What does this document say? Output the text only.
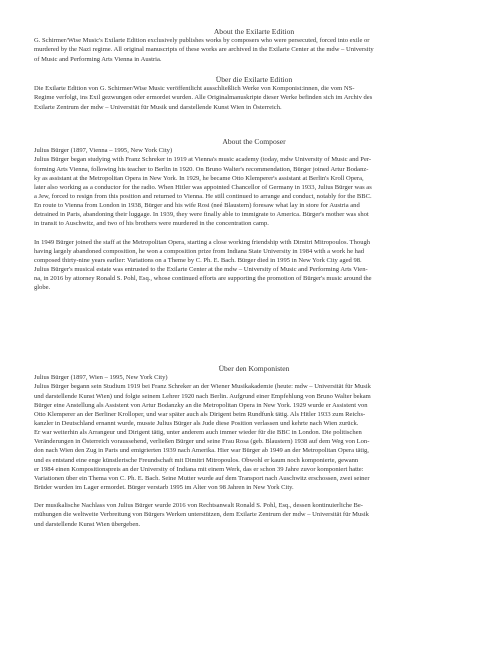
About the Exilarte Edition
G. Schirmer/Wise Music's Exilarte Edition exclusively publishes works by composers who were persecuted, forced into exile or
murdered by the Nazi regime. All original manuscripts of these works are archived in the Exilarte Center at the mdw – University
of Music and Performing Arts Vienna in Austria.
Über die Exilarte Edition
Die Exilarte Edition von G. Schirmer/Wise Music veröffentlicht ausschließlich Werke von Komponist:innen, die vom NS-
Regime verfolgt, ins Exil gezwungen oder ermordet wurden. Alle Originalmanuskripte dieser Werke befinden sich im Archiv des
Exilarte Zentrum der mdw – Universität für Musik und darstellende Kunst Wien in Österreich.
About the Composer
Julius Bürger (1897, Vienna – 1995, New York City)
Julius Bürger began studying with Franz Schreker in 1919 at Vienna's music academy (today, mdw University of Music and Per-
forming Arts Vienna, following his teacher to Berlin in 1920. On Bruno Walter's recommendation, Bürger joined Artur Bodanz-
ky as assistant at the Metropolitan Opera in New York. In 1929, he became Otto Klemperer's assistant at Berlin's Kroll Opera,
later also working as a conductor for the radio. When Hitler was appointed Chancellor of Germany in 1933, Julius Bürger was as
a Jew, forced to resign from this position and returned to Vienna. He still continued to arrange and conduct, notably for the BBC.
En route to Vienna from London in 1938, Bürger and his wife Rosi (neé Blaustern) foresaw what lay in store for Austria and
detrained in Paris, abandoning their luggage. In 1939, they were finally able to immigrate to America. Bürger's mother was shot
in transit to Auschwitz, and two of his brothers were murdered in the concentration camp.
In 1949 Bürger joined the staff at the Metropolitan Opera, starting a close working friendship with Dimitri Mitropoulos. Though
having largely abandoned composition, he won a composition prize from Indiana State University in 1984 with a work he had
composed thirty-nine years earlier: Variations on a Theme by C. Ph. E. Bach. Bürger died in 1995 in New York City aged 98.
Julius Bürger's musical estate was entrusted to the Exilarte Center at the mdw – University of Music and Performing Arts Vien-
na, in 2016 by attorney Ronald S. Pohl, Esq., whose continued efforts are supporting the promotion of Bürger's music around the
globe.
Über den Komponisten
Julius Bürger (1897, Wien – 1995, New York City)
Julius Bürger begann sein Studium 1919 bei Franz Schreker an der Wiener Musikakademie (heute: mdw – Universität für Musik
und darstellende Kunst Wien) und folgte seinem Lehrer 1920 nach Berlin. Aufgrund einer Empfehlung von Bruno Walter bekam
Bürger eine Anstellung als Assistent von Artur Bodanzky an die Metropolitan Opera in New York. 1929 wurde er Assistent von
Otto Klemperer an der Berliner Krolloper, und war später auch als Dirigent beim Rundfunk tätig. Als Hitler 1933 zum Reichs-
kanzler in Deutschland ernannt wurde, musste Julius Bürger als Jude diese Position verlassen und kehrte nach Wien zurück.
Er war weiterhin als Arrangeur und Dirigent tätig, unter anderem auch immer wieder für die BBC in London. Die politischen
Veränderungen in Österreich voraussehend, verließen Bürger und seine Frau Rosa (geb. Blaustern) 1938 auf dem Weg von Lon-
don nach Wien den Zug in Paris und emigrierten 1939 nach Amerika. Hier war Bürger ab 1949 an der Metropolitan Opera tätig,
und es entstand eine enge künstlerische Freundschaft mit Dimitri Mitropoulos. Obwohl er kaum noch komponierte, gewann
er 1984 einen Kompositionspreis an der University of Indiana mit einem Werk, das er schon 39 Jahre zuvor komponiert hatte:
Variationen über ein Thema von C. Ph. E. Bach. Seine Mutter wurde auf dem Transport nach Auschwitz erschossen, zwei seiner
Brüder wurden im Lager ermordet. Bürger verstarb 1995 im Alter von 98 Jahren in New York City.
Der musikalische Nachlass von Julius Bürger wurde 2016 von Rechtsanwalt Ronald S. Pohl, Esq., dessen kontinuierliche Be-
mühungen die weltweite Verbreitung von Bürgers Werken unterstützen, dem Exilarte Zentrum der mdw – Universität für Musik
und darstellende Kunst Wien übergeben.
